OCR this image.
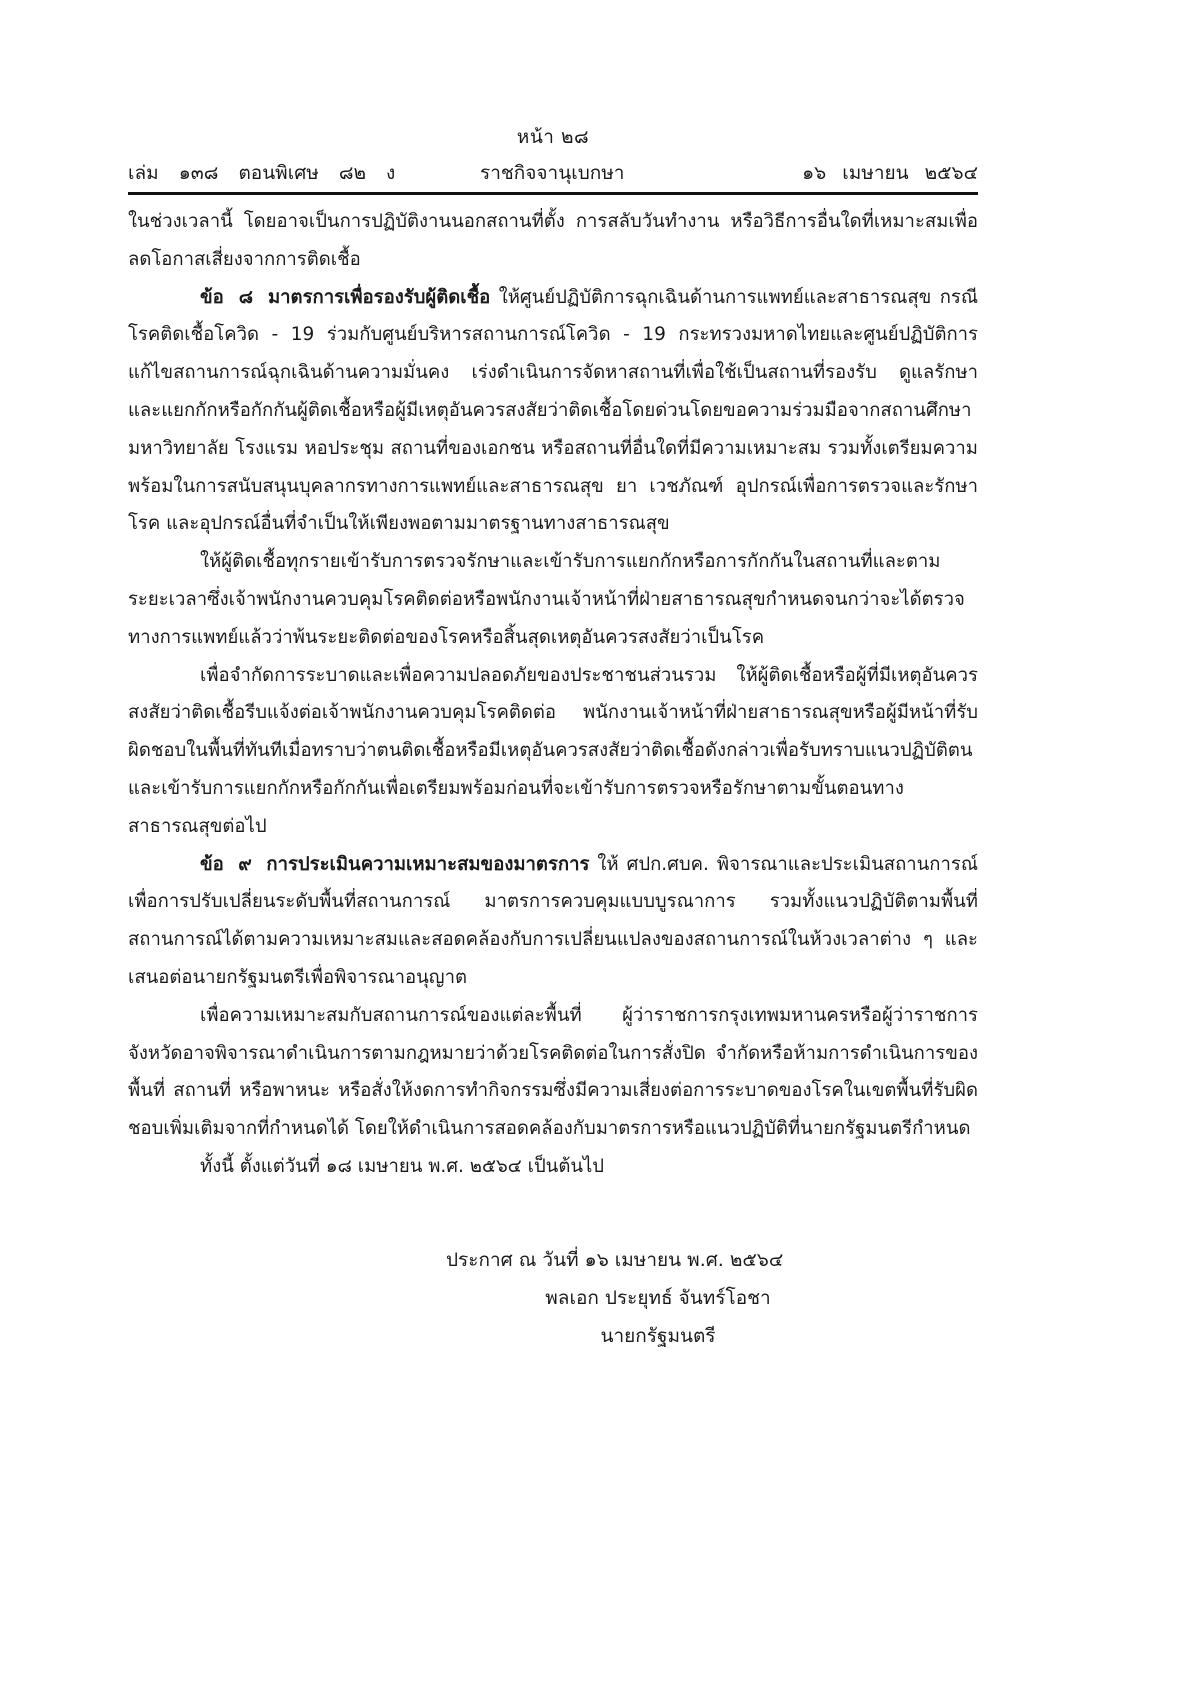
หน้า ๒๘
เล่ม ๑๓๘ ตอนพิเศษ ๘๒ ง	ราชกิจจานุเบกษา	๑๖ เมษายน ๒๕๖๔

ในช่วงเวลานี้ โดยอาจเป็นการปฏิบัติงานนอกสถานที่ตั้ง การสลับวันทำงาน หรือวิธีการอื่นใดที่เหมาะสมเพื่อลดโอกาสเสี่ยงจากการติดเชื้อ

ข้อ ๘ มาตรการเพื่อรองรับผู้ติดเชื้อ ให้ศูนย์ปฏิบัติการฉุกเฉินด้านการแพทย์และสาธารณสุข กรณีโรคติดเชื้อโควิด - 19 ร่วมกับศูนย์บริหารสถานการณ์โควิด - 19 กระทรวงมหาดไทยและศูนย์ปฏิบัติการแก้ไขสถานการณ์ฉุกเฉินด้านความมั่นคง เร่งดำเนินการจัดหาสถานที่เพื่อใช้เป็นสถานที่รองรับ ดูแลรักษา และแยกกักหรือกักกันผู้ติดเชื้อหรือผู้มีเหตุอันควรสงสัยว่าติดเชื้อโดยด่วนโดยขอความร่วมมือจากสถานศึกษา มหาวิทยาลัย โรงแรม หอประชุม สถานที่ของเอกชน หรือสถานที่อื่นใดที่มีความเหมาะสม รวมทั้งเตรียมความพร้อมในการสนับสนุนบุคลากรทางการแพทย์และสาธารณสุข ยา เวชภัณฑ์ อุปกรณ์เพื่อการตรวจและรักษาโรค และอุปกรณ์อื่นที่จำเป็นให้เพียงพอตามมาตรฐานทางสาธารณสุข

ให้ผู้ติดเชื้อทุกรายเข้ารับการตรวจรักษาและเข้ารับการแยกกักหรือการกักกันในสถานที่และตามระยะเวลาซึ่งเจ้าพนักงานควบคุมโรคติดต่อหรือพนักงานเจ้าหน้าที่ฝ่ายสาธารณสุขกำหนดจนกว่าจะได้ตรวจทางการแพทย์แล้วว่าพ้นระยะติดต่อของโรคหรือสิ้นสุดเหตุอันควรสงสัยว่าเป็นโรค

เพื่อจำกัดการระบาดและเพื่อความปลอดภัยของประชาชนส่วนรวม ให้ผู้ติดเชื้อหรือผู้ที่มีเหตุอันควรสงสัยว่าติดเชื้อรีบแจ้งต่อเจ้าพนักงานควบคุมโรคติดต่อ พนักงานเจ้าหน้าที่ฝ่ายสาธารณสุขหรือผู้มีหน้าที่รับผิดชอบในพื้นที่ทันทีเมื่อทราบว่าตนติดเชื้อหรือมีเหตุอันควรสงสัยว่าติดเชื้อดังกล่าวเพื่อรับทราบแนวปฏิบัติตนและเข้ารับการแยกกักหรือกักกันเพื่อเตรียมพร้อมก่อนที่จะเข้ารับการตรวจหรือรักษาตามขั้นตอนทางสาธารณสุขต่อไป

ข้อ ๙ การประเมินความเหมาะสมของมาตรการ ให้ ศปก.ศบค. พิจารณาและประเมินสถานการณ์เพื่อการปรับเปลี่ยนระดับพื้นที่สถานการณ์ มาตรการควบคุมแบบบูรณาการ รวมทั้งแนวปฏิบัติตามพื้นที่สถานการณ์ได้ตามความเหมาะสมและสอดคล้องกับการเปลี่ยนแปลงของสถานการณ์ในห้วงเวลาต่าง ๆ และเสนอต่อนายกรัฐมนตรีเพื่อพิจารณาอนุญาต

เพื่อความเหมาะสมกับสถานการณ์ของแต่ละพื้นที่ ผู้ว่าราชการกรุงเทพมหานครหรือผู้ว่าราชการจังหวัดอาจพิจารณาดำเนินการตามกฎหมายว่าด้วยโรคติดต่อในการสั่งปิด จำกัดหรือห้ามการดำเนินการของพื้นที่ สถานที่ หรือพาหนะ หรือสั่งให้งดการทำกิจกรรมซึ่งมีความเสี่ยงต่อการระบาดของโรคในเขตพื้นที่รับผิดชอบเพิ่มเติมจากที่กำหนดได้ โดยให้ดำเนินการสอดคล้องกับมาตรการหรือแนวปฏิบัติที่นายกรัฐมนตรีกำหนด

ทั้งนี้ ตั้งแต่วันที่ ๑๘ เมษายน พ.ศ. ๒๕๖๔ เป็นต้นไป

ประกาศ ณ วันที่ ๑๖ เมษายน พ.ศ. ๒๕๖๔
พลเอก ประยุทธ์ จันทร์โอชา
นายกรัฐมนตรี
